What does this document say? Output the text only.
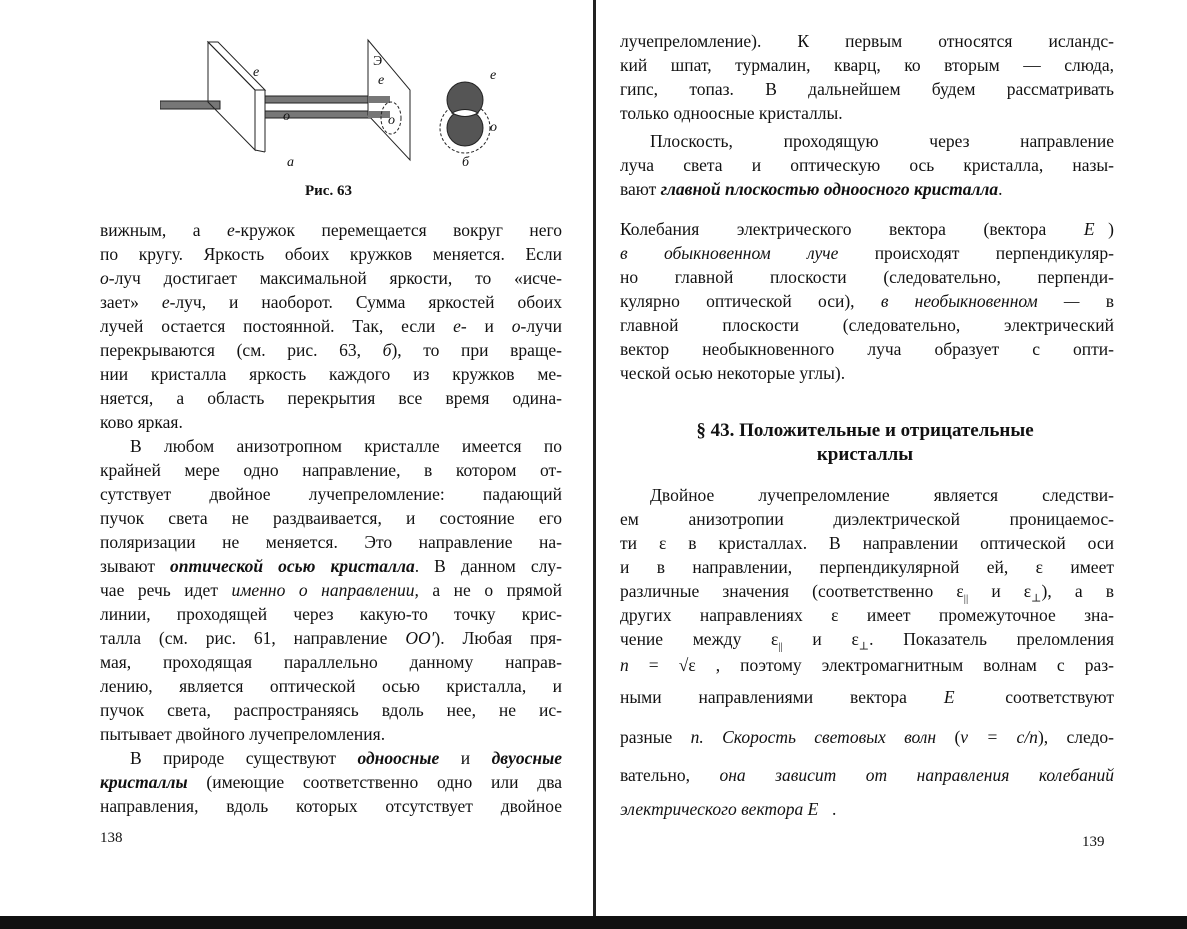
e
o
Э
e
o
e
o
а	б
Рис. 63
вижным, а е-кружок перемещается вокруг него
по кругу. Яркость обоих кружков меняется. Если
о-луч достигает максимальной яркости, то «исче-
зает» е-луч, и наоборот. Сумма яркостей обоих
лучей остается постоянной. Так, если е- и о-лучи
перекрываются (см. рис. 63, б), то при враще-
нии кристалла яркость каждого из кружков ме-
няется, а область перекрытия все время одина-
ково яркая.
В любом анизотропном кристалле имеется по
крайней мере одно направление, в котором от-
сутствует двойное лучепреломление: падающий
пучок света не раздваивается, и состояние его
поляризации не меняется. Это направление на-
зывают оптической осью кристалла. В данном слу-
чае речь идет именно о направлении, а не о прямой
линии, проходящей через какую-то точку крис-
талла (см. рис. 61, направление OO′). Любая пря-
мая, проходящая параллельно данному направ-
лению, является оптической осью кристалла, и
пучок света, распространяясь вдоль нее, не ис-
пытывает двойного лучепреломления.
В природе существуют одноосные и двуосные
кристаллы (имеющие соответственно одно или два
направления, вдоль которых отсутствует двойное
лучепреломление). К первым относятся исландс-
кий шпат, турмалин, кварц, ко вторым — слюда,
гипс, топаз. В дальнейшем будем рассматривать
только одноосные кристаллы.
Плоскость, проходящую через направление
луча света и оптическую ось кристалла, назы-
вают главной плоскостью одноосного кристалла.
Колебания электрического вектора (вектора E⃗)
в обыкновенном луче происходят перпендикуляр-
но главной плоскости (следовательно, перпенди-
кулярно оптической оси), в необыкновенном — в
главной плоскости (следовательно, электрический
вектор необыкновенного луча образует с опти-
ческой осью некоторые углы).
Двойное лучепреломление является следстви-
ем анизотропии диэлектрической проницаемос-
ти ε в кристаллах. В направлении оптической оси
и в направлении, перпендикулярной ей, ε имеет
различные значения (соответственно $\varepsilon_{||}$ и $\varepsilon_\perp$), а в
других направлениях ε имеет промежуточное зна-
чение между $\varepsilon_{||}$ и $\varepsilon_\perp$. Показатель преломления
n = √ε , поэтому электромагнитным волнам с раз-
ными направлениями вектора E⃗ соответствуют
разные n. Скорость световых волн (v = c/n), следо-
вательно, она зависит от направления колебаний
электрического вектора E⃗.
§ 43. Положительные и отрицательные
кристаллы
138	139
